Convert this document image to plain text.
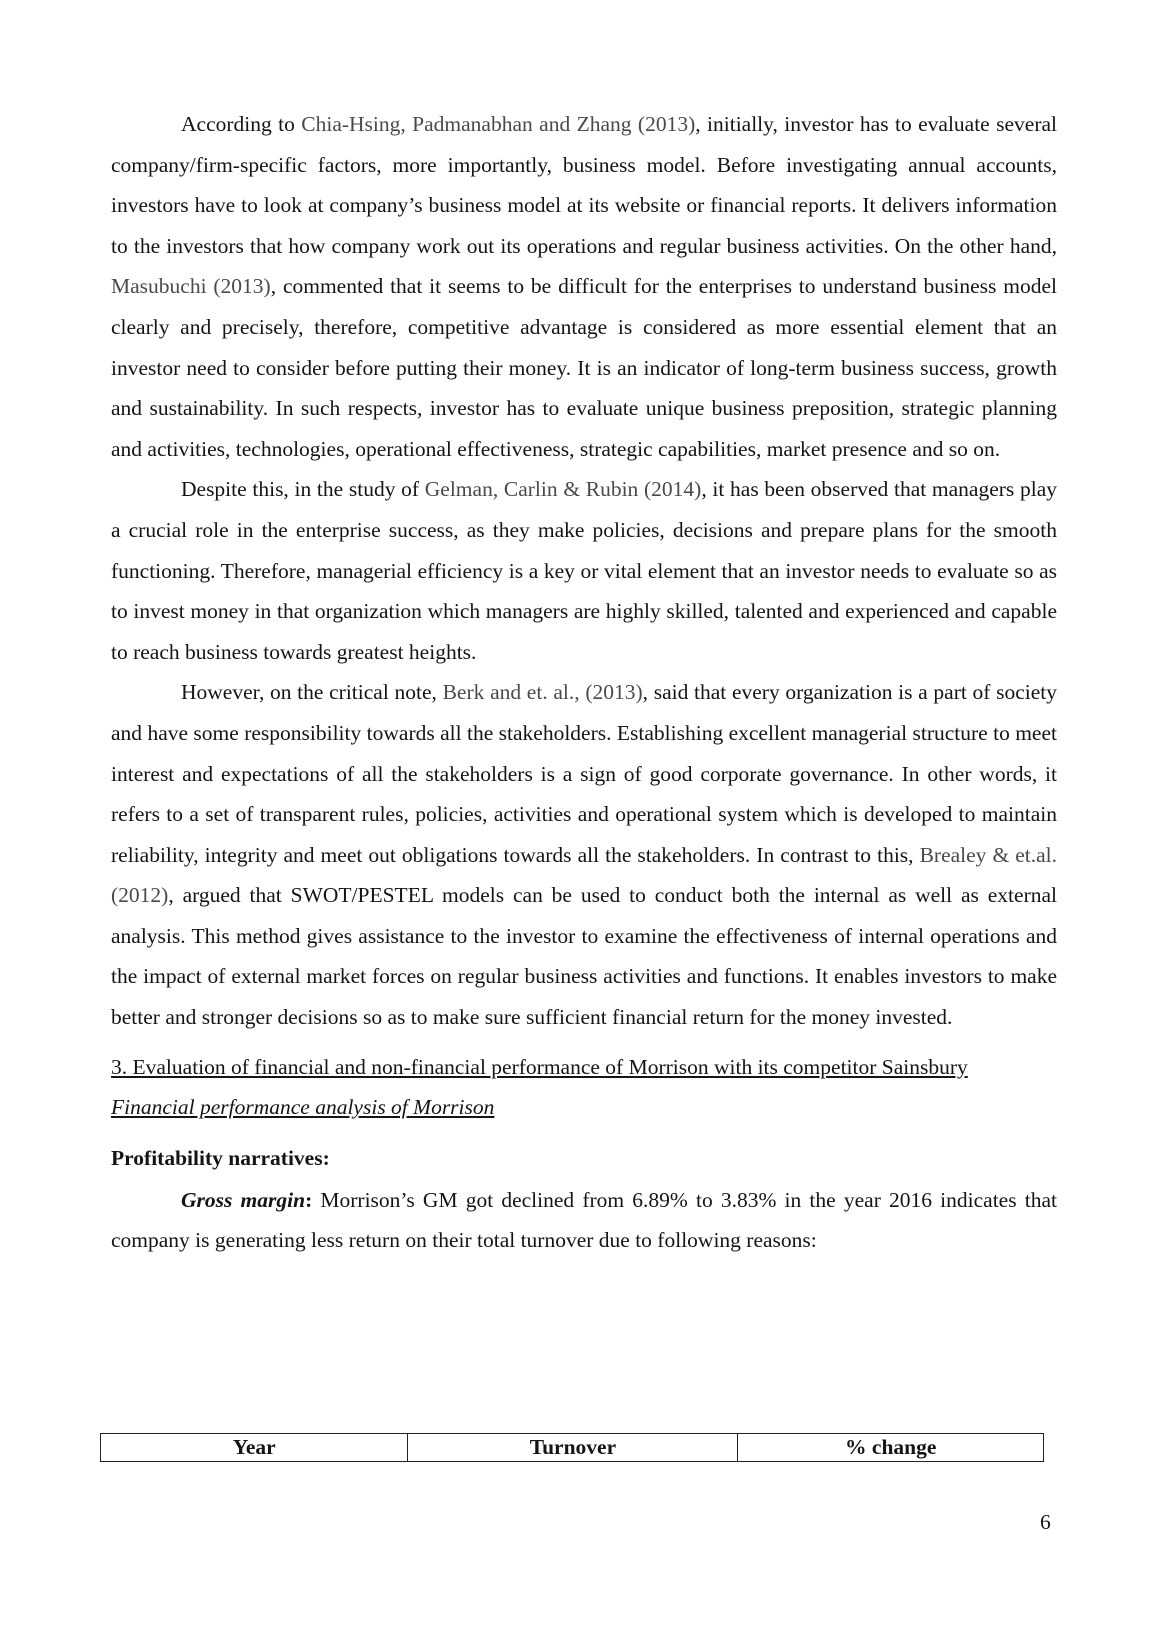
According to Chia-Hsing, Padmanabhan and Zhang (2013), initially, investor has to evaluate several company/firm-specific factors, more importantly, business model. Before investigating annual accounts, investors have to look at company’s business model at its website or financial reports. It delivers information to the investors that how company work out its operations and regular business activities. On the other hand, Masubuchi (2013), commented that it seems to be difficult for the enterprises to understand business model clearly and precisely, therefore, competitive advantage is considered as more essential element that an investor need to consider before putting their money. It is an indicator of long-term business success, growth and sustainability. In such respects, investor has to evaluate unique business preposition, strategic planning and activities, technologies, operational effectiveness, strategic capabilities, market presence and so on.

Despite this, in the study of Gelman, Carlin & Rubin (2014), it has been observed that managers play a crucial role in the enterprise success, as they make policies, decisions and prepare plans for the smooth functioning. Therefore, managerial efficiency is a key or vital element that an investor needs to evaluate so as to invest money in that organization which managers are highly skilled, talented and experienced and capable to reach business towards greatest heights.

However, on the critical note, Berk and et. al., (2013), said that every organization is a part of society and have some responsibility towards all the stakeholders. Establishing excellent managerial structure to meet interest and expectations of all the stakeholders is a sign of good corporate governance. In other words, it refers to a set of transparent rules, policies, activities and operational system which is developed to maintain reliability, integrity and meet out obligations towards all the stakeholders. In contrast to this, Brealey & et.al. (2012), argued that SWOT/PESTEL models can be used to conduct both the internal as well as external analysis. This method gives assistance to the investor to examine the effectiveness of internal operations and the impact of external market forces on regular business activities and functions. It enables investors to make better and stronger decisions so as to make sure sufficient financial return for the money invested.

3. Evaluation of financial and non-financial performance of Morrison with its competitor Sainsbury

Financial performance analysis of Morrison

Profitability narratives:

Gross margin: Morrison’s GM got declined from 6.89% to 3.83% in the year 2016 indicates that company is generating less return on their total turnover due to following reasons:

Year	Turnover	% change
6
